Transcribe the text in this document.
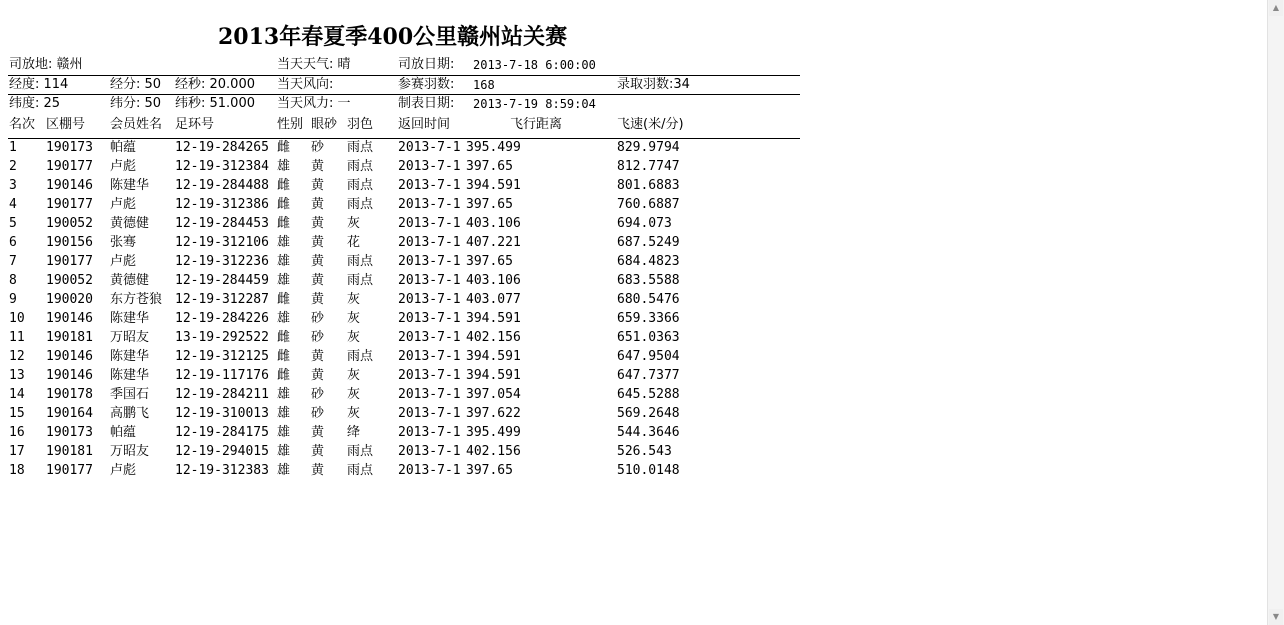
2013年春夏季400公里赣州站关赛
司放地: 赣州	当天天气: 晴	司放日期: 2013-7-18 6:00:00
经度: 114	经分: 50 经秒: 20.000 当天风向:	参赛羽数: 168	录取羽数:34
纬度: 25	纬分: 50 纬秒: 51.000 当天风力: 一	制表日期: 2013-7-19 8:59:04
名次 区棚号 会员姓名 足环号	性别 眼砂 羽色 返回时间	飞行距离	飞速(米/分)
1 190173 帕蕴	12-19-284265 雌 砂 雨点 2013-7-1 395.499	829.9794
2 190177 卢彪	12-19-312384 雄 黄 雨点 2013-7-1 397.65	812.7747
3 190146 陈建华 12-19-284488 雌 黄 雨点 2013-7-1 394.591	801.6883
4 190177 卢彪	12-19-312386 雌 黄 雨点 2013-7-1 397.65	760.6887
5 190052 黄德健 12-19-284453 雌 黄 灰	2013-7-1 403.106	694.073
6 190156 张骞	12-19-312106 雄 黄 花	2013-7-1 407.221	687.5249
7 190177 卢彪	12-19-312236 雄 黄 雨点 2013-7-1 397.65	684.4823
8 190052 黄德健 12-19-284459 雄 黄 雨点 2013-7-1 403.106	683.5588
9 190020 东方苍狼 12-19-312287 雌 黄 灰	2013-7-1 403.077	680.5476
10 190146 陈建华 12-19-284226 雄 砂 灰	2013-7-1 394.591	659.3366
11 190181 万昭友 13-19-292522 雌 砂 灰	2013-7-1 402.156	651.0363
12 190146 陈建华 12-19-312125 雌 黄 雨点 2013-7-1 394.591	647.9504
13 190146 陈建华 12-19-117176 雌 黄 灰	2013-7-1 394.591	647.7377
14 190178 季国石 12-19-284211 雄 砂 灰	2013-7-1 397.054	645.5288
15 190164 高鹏飞 12-19-310013 雄 砂 灰	2013-7-1 397.622	569.2648
16 190173 帕蕴	12-19-284175 雄 黄 绛	2013-7-1 395.499	544.3646
17 190181 万昭友 12-19-294015 雄 黄 雨点 2013-7-1 402.156	526.543
18 190177 卢彪	12-19-312383 雄 黄 雨点 2013-7-1 397.65	510.0148
▲
▼
